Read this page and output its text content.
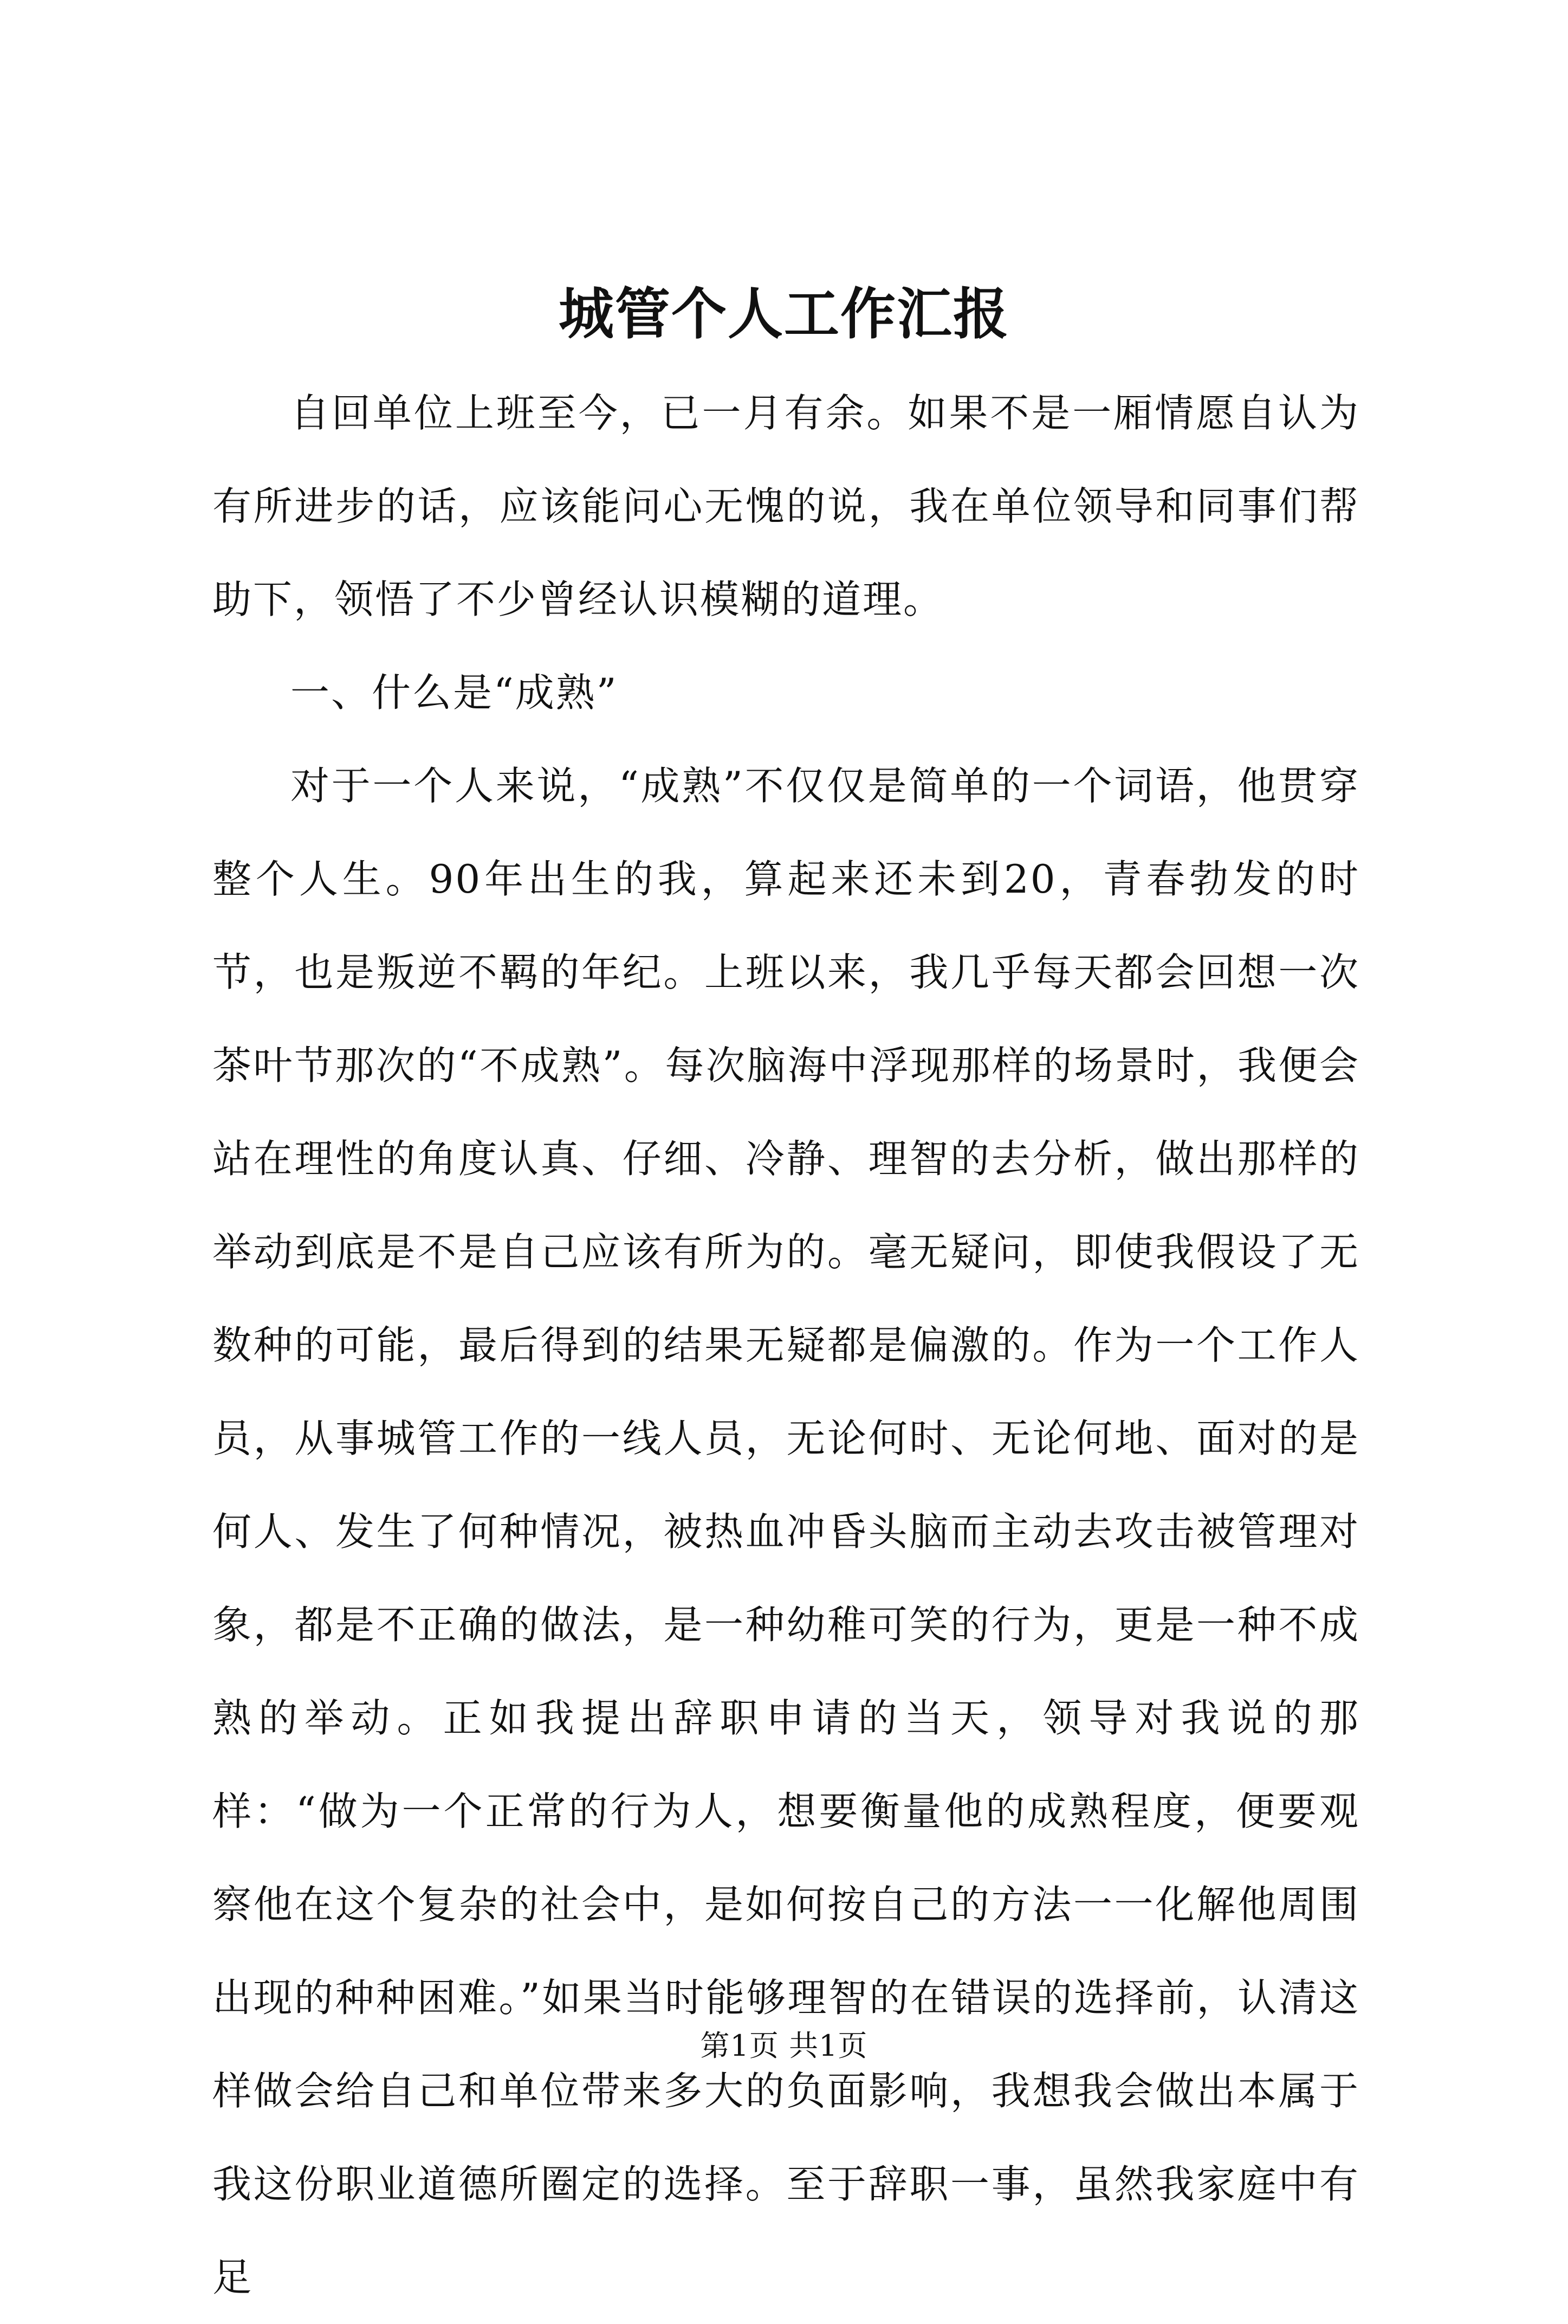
城管个人工作汇报

自回单位上班至今，已一月有余。如果不是一厢情愿自认为有所进步的话，应该能问心无愧的说，我在单位领导和同事们帮助下，领悟了不少曾经认识模糊的道理。

一、什么是“成熟”

对于一个人来说，“成熟”不仅仅是简单的一个词语，他贯穿整个人生。90年出生的我，算起来还未到20，青春勃发的时节，也是叛逆不羁的年纪。上班以来，我几乎每天都会回想一次茶叶节那次的“不成熟”。每次脑海中浮现那样的场景时，我便会站在理性的角度认真、仔细、冷静、理智的去分析，做出那样的举动到底是不是自己应该有所为的。毫无疑问，即使我假设了无数种的可能，最后得到的结果无疑都是偏激的。作为一个工作人员，从事城管工作的一线人员，无论何时、无论何地、面对的是何人、发生了何种情况，被热血冲昏头脑而主动去攻击被管理对象，都是不正确的做法，是一种幼稚可笑的行为，更是一种不成熟的举动。正如我提出辞职申请的当天，领导对我说的那样：“做为一个正常的行为人，想要衡量他的成熟程度，便要观察他在这个复杂的社会中，是如何按自己的方法一一化解他周围出现的种种困难。”如果当时能够理智的在错误的选择前，认清这样做会给自己和单位带来多大的负面影响，我想我会做出本属于我这份职业道德所圈定的选择。至于辞职一事，虽然我家庭中有足

第1页 共1页
